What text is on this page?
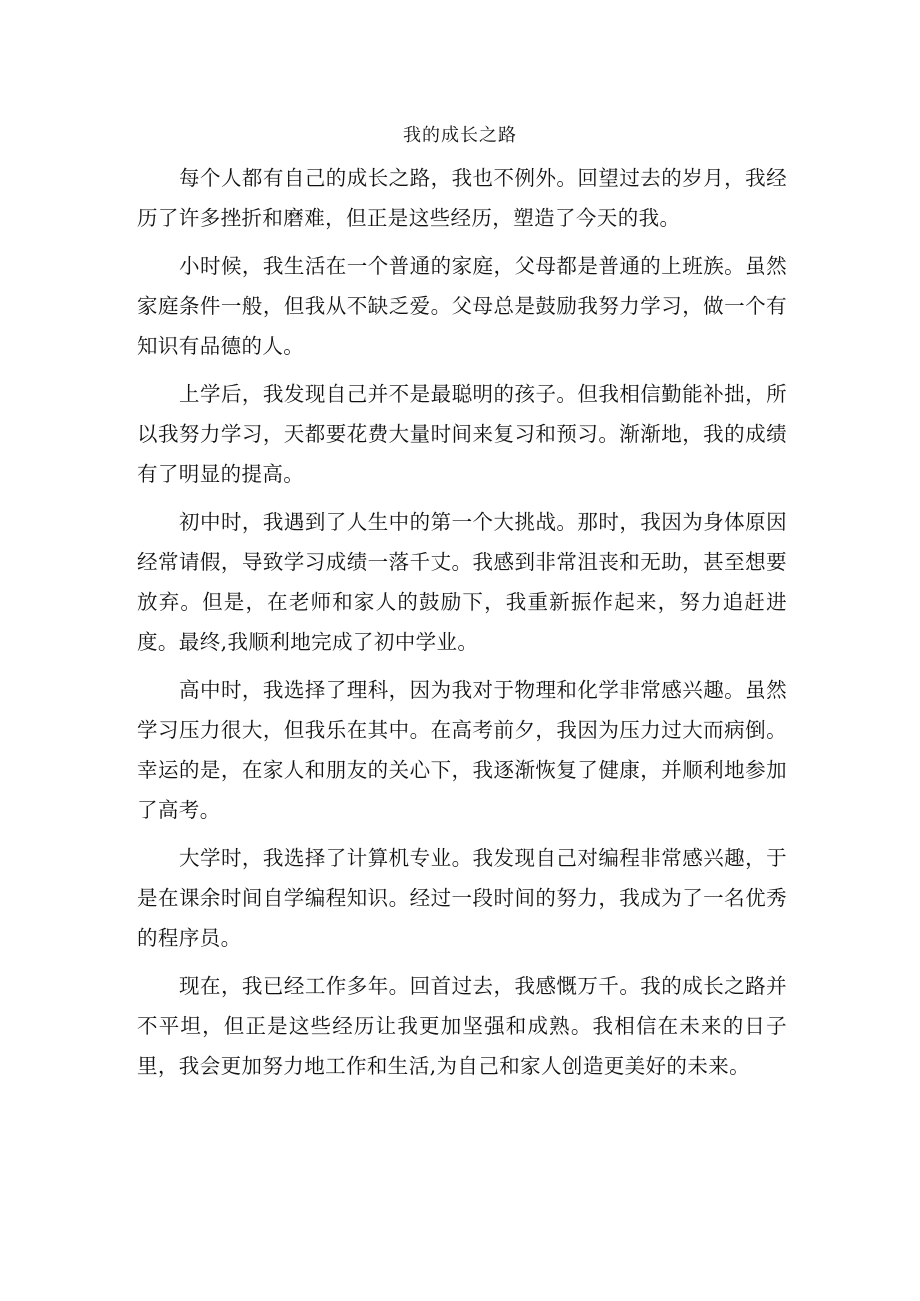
我的成长之路

每个人都有自己的成长之路，我也不例外。回望过去的岁月，我经历了许多挫折和磨难，但正是这些经历，塑造了今天的我。

小时候，我生活在一个普通的家庭，父母都是普通的上班族。虽然家庭条件一般，但我从不缺乏爱。父母总是鼓励我努力学习，做一个有知识有品德的人。

上学后，我发现自己并不是最聪明的孩子。但我相信勤能补拙，所以我努力学习，天都要花费大量时间来复习和预习。渐渐地，我的成绩有了明显的提高。

初中时，我遇到了人生中的第一个大挑战。那时，我因为身体原因经常请假，导致学习成绩一落千丈。我感到非常沮丧和无助，甚至想要放弃。但是，在老师和家人的鼓励下，我重新振作起来，努力追赶进度。最终,我顺利地完成了初中学业。

高中时，我选择了理科，因为我对于物理和化学非常感兴趣。虽然学习压力很大，但我乐在其中。在高考前夕，我因为压力过大而病倒。幸运的是，在家人和朋友的关心下，我逐渐恢复了健康，并顺利地参加了高考。

大学时，我选择了计算机专业。我发现自己对编程非常感兴趣，于是在课余时间自学编程知识。经过一段时间的努力，我成为了一名优秀的程序员。

现在，我已经工作多年。回首过去，我感慨万千。我的成长之路并不平坦，但正是这些经历让我更加坚强和成熟。我相信在未来的日子里，我会更加努力地工作和生活,为自己和家人创造更美好的未来。
